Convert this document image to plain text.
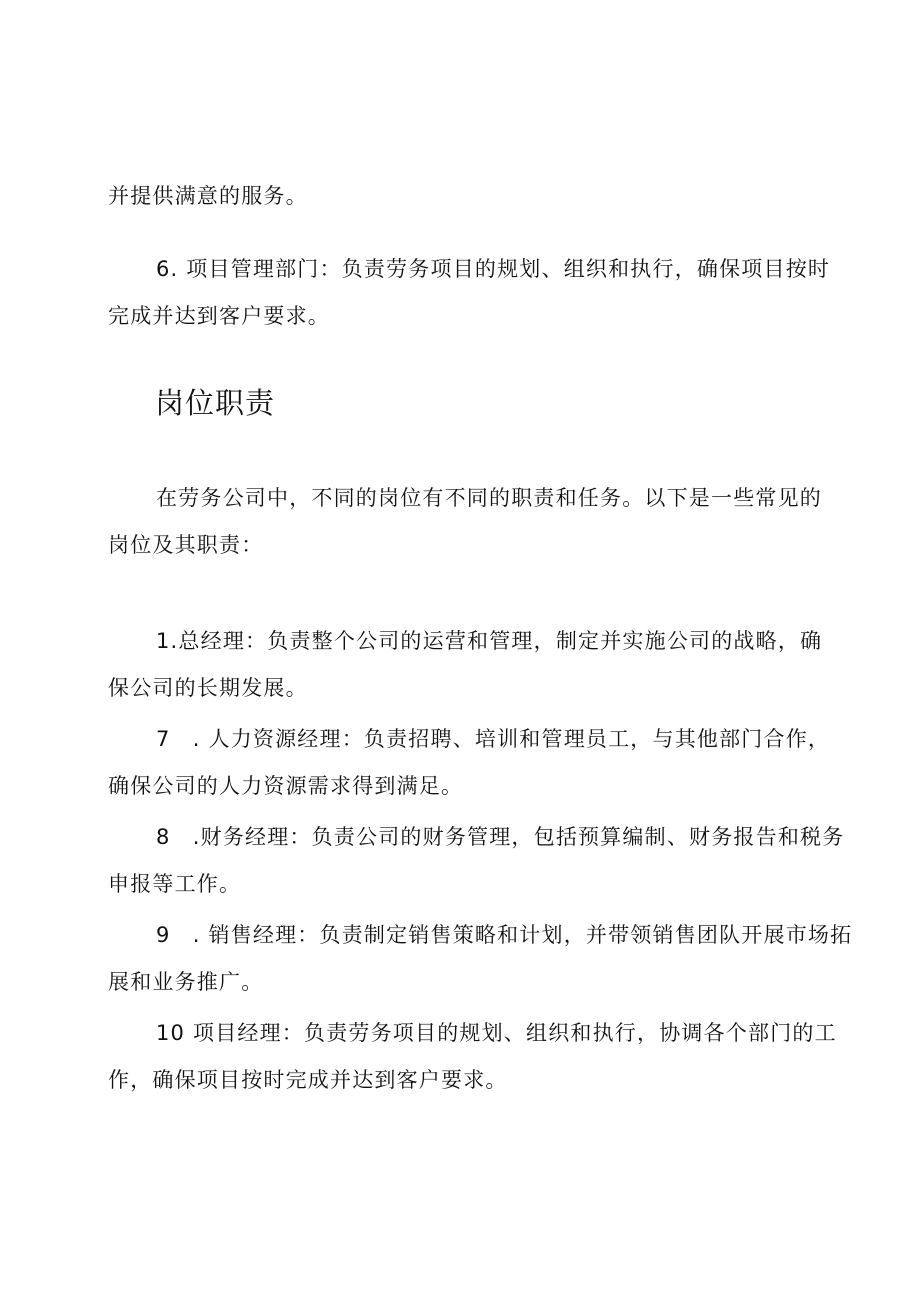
并提供满意的服务。

6. 项目管理部门：负责劳务项目的规划、组织和执行，确保项目按时
完成并达到客户要求。

岗位职责

在劳务公司中，不同的岗位有不同的职责和任务。以下是一些常见的
岗位及其职责：

1.总经理：负责整个公司的运营和管理，制定并实施公司的战略，确
保公司的长期发展。

7　. 人力资源经理：负责招聘、培训和管理员工，与其他部门合作，
确保公司的人力资源需求得到满足。

8　.财务经理：负责公司的财务管理，包括预算编制、财务报告和税务
申报等工作。

9　. 销售经理：负责制定销售策略和计划，并带领销售团队开展市场拓
展和业务推广。

10 项目经理：负责劳务项目的规划、组织和执行，协调各个部门的工
作，确保项目按时完成并达到客户要求。
